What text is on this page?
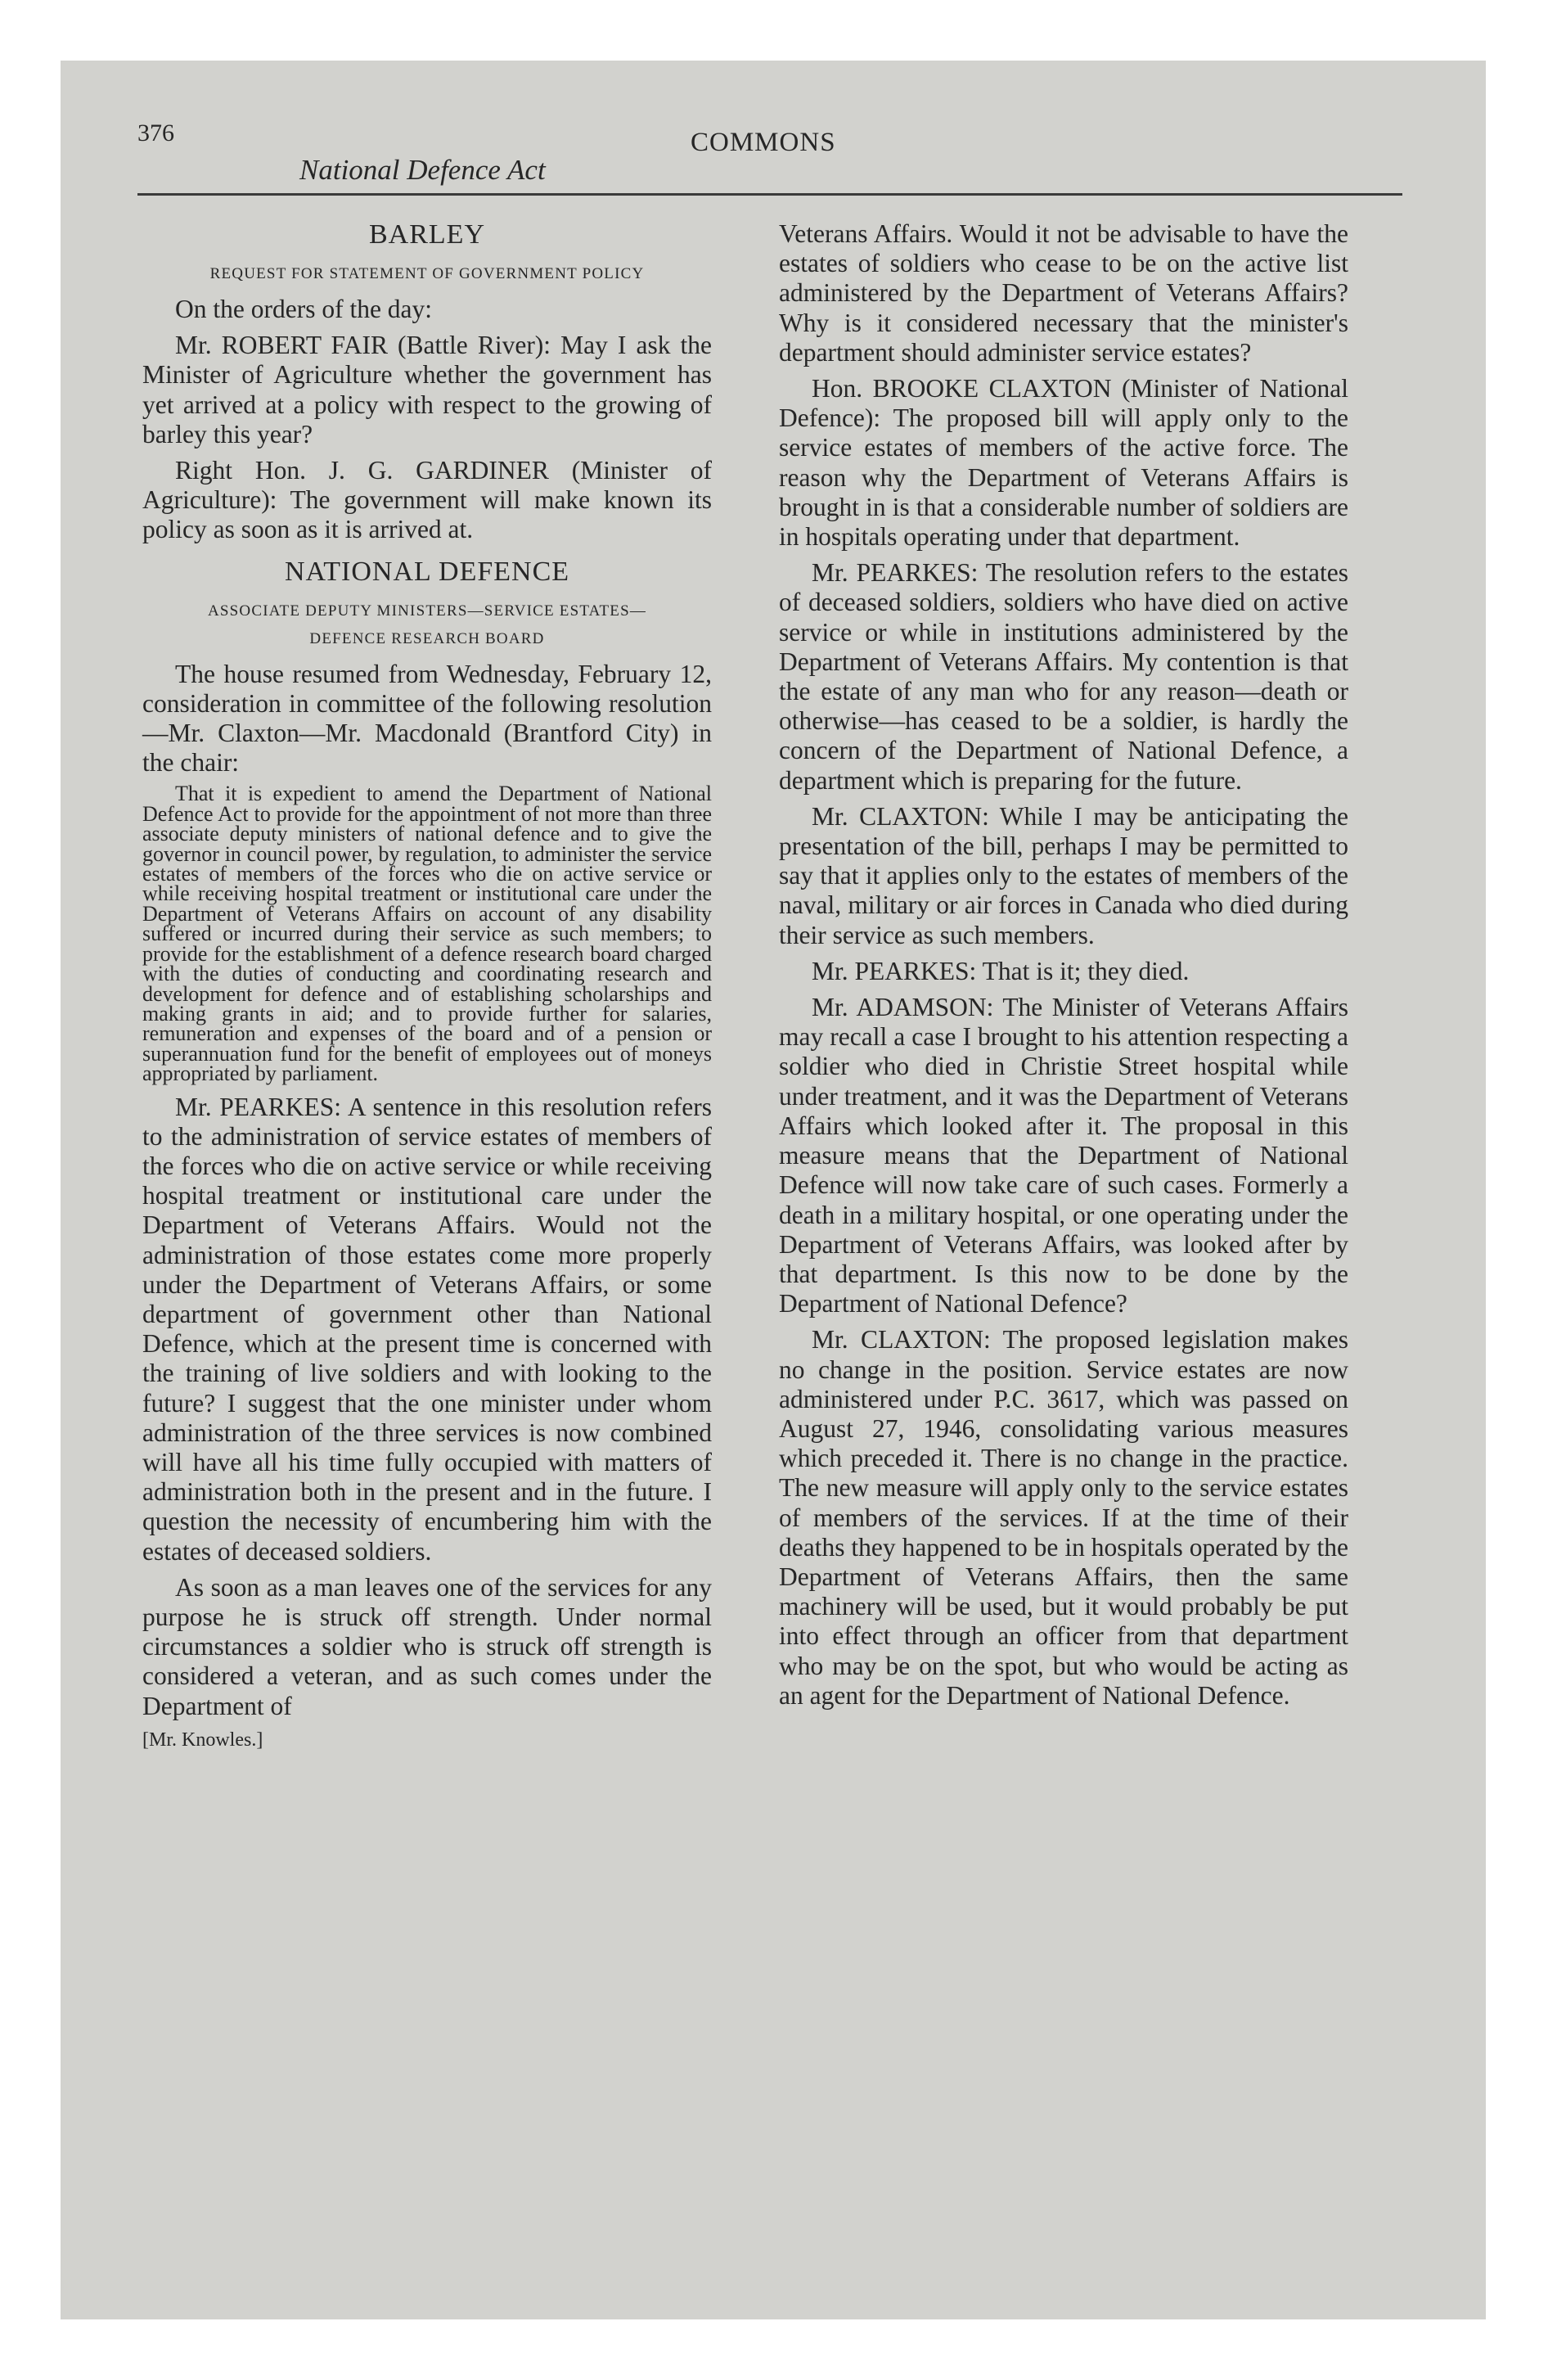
376
National Defence Act
COMMONS

BARLEY

REQUEST FOR STATEMENT OF GOVERNMENT POLICY

On the orders of the day:

Mr. ROBERT FAIR (Battle River): May I ask the Minister of Agriculture whether the government has yet arrived at a policy with respect to the growing of barley this year?

Right Hon. J. G. GARDINER (Minister of Agriculture): The government will make known its policy as soon as it is arrived at.

NATIONAL DEFENCE

ASSOCIATE DEPUTY MINISTERS—SERVICE ESTATES—

DEFENCE RESEARCH BOARD

The house resumed from Wednesday, February 12, consideration in committee of the following resolution—Mr. Claxton—Mr. Macdonald (Brantford City) in the chair:

That it is expedient to amend the Department of National Defence Act to provide for the appointment of not more than three associate deputy ministers of national defence and to give the governor in council power, by regulation, to administer the service estates of members of the forces who die on active service or while receiving hospital treatment or institutional care under the Department of Veterans Affairs on account of any disability suffered or incurred during their service as such members; to provide for the establishment of a defence research board charged with the duties of conducting and coordinating research and development for defence and of establishing scholarships and making grants in aid; and to provide further for salaries, remuneration and expenses of the board and of a pension or superannuation fund for the benefit of employees out of moneys appropriated by parliament.

Mr. PEARKES: A sentence in this resolution refers to the administration of service estates of members of the forces who die on active service or while receiving hospital treatment or institutional care under the Department of Veterans Affairs. Would not the administration of those estates come more properly under the Department of Veterans Affairs, or some department of government other than National Defence, which at the present time is concerned with the training of live soldiers and with looking to the future? I suggest that the one minister under whom administration of the three services is now combined will have all his time fully occupied with matters of administration both in the present and in the future. I question the necessity of encumbering him with the estates of deceased soldiers.

As soon as a man leaves one of the services for any purpose he is struck off strength. Under normal circumstances a soldier who is struck off strength is considered a veteran, and as such comes under the Department of

[Mr. Knowles.]

Veterans Affairs. Would it not be advisable to have the estates of soldiers who cease to be on the active list administered by the Department of Veterans Affairs? Why is it considered necessary that the minister's department should administer service estates?

Hon. BROOKE CLAXTON (Minister of National Defence): The proposed bill will apply only to the service estates of members of the active force. The reason why the Department of Veterans Affairs is brought in is that a considerable number of soldiers are in hospitals operating under that department.

Mr. PEARKES: The resolution refers to the estates of deceased soldiers, soldiers who have died on active service or while in institutions administered by the Department of Veterans Affairs. My contention is that the estate of any man who for any reason—death or otherwise—has ceased to be a soldier, is hardly the concern of the Department of National Defence, a department which is preparing for the future.

Mr. CLAXTON: While I may be anticipating the presentation of the bill, perhaps I may be permitted to say that it applies only to the estates of members of the naval, military or air forces in Canada who died during their service as such members.

Mr. PEARKES: That is it; they died.

Mr. ADAMSON: The Minister of Veterans Affairs may recall a case I brought to his attention respecting a soldier who died in Christie Street hospital while under treatment, and it was the Department of Veterans Affairs which looked after it. The proposal in this measure means that the Department of National Defence will now take care of such cases. Formerly a death in a military hospital, or one operating under the Department of Veterans Affairs, was looked after by that department. Is this now to be done by the Department of National Defence?

Mr. CLAXTON: The proposed legislation makes no change in the position. Service estates are now administered under P.C. 3617, which was passed on August 27, 1946, consolidating various measures which preceded it. There is no change in the practice. The new measure will apply only to the service estates of members of the services. If at the time of their deaths they happened to be in hospitals operated by the Department of Veterans Affairs, then the same machinery will be used, but it would probably be put into effect through an officer from that department who may be on the spot, but who would be acting as an agent for the Department of National Defence.
